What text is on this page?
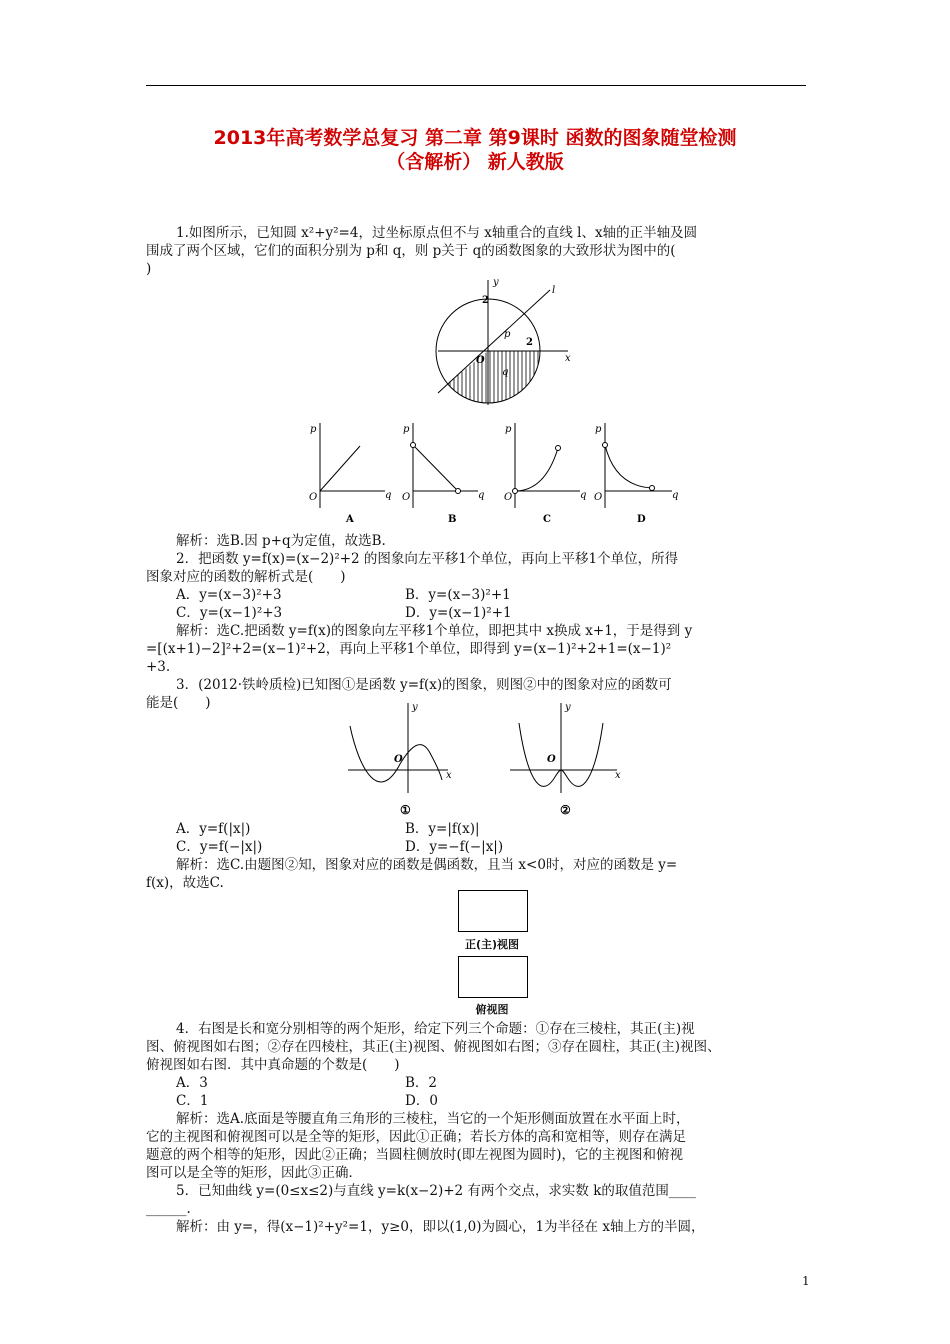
2013年高考数学总复习 第二章 第9课时 函数的图象随堂检测
（含解析） 新人教版
1.如图所示，已知圆 x²+y²=4，过坐标原点但不与 x轴重合的直线 l、x轴的正半轴及圆
围成了两个区域，它们的面积分别为 p和 q，则 p关于 q的函数图象的大致形状为图中的(
)
y
2
2
l
O	x
p
q
p
O	q
A
p
O	q
B
p
O	q
C
p
O	q
D
解析：选B.因 p+q为定值，故选B.
2．把函数 y=f(x)=(x−2)²+2 的图象向左平移1个单位，再向上平移1个单位，所得
图象对应的函数的解析式是(　　)
A．y=(x−3)²+3	B．y=(x−3)²+1
C．y=(x−1)²+3	D．y=(x−1)²+1
解析：选C.把函数 y=f(x)的图象向左平移1个单位，即把其中 x换成 x+1，于是得到 y
=[(x+1)−2]²+2=(x−1)²+2，再向上平移1个单位，即得到 y=(x−1)²+2+1=(x−1)²
+3.
3．(2012·铁岭质检)已知图①是函数 y=f(x)的图象，则图②中的图象对应的函数可
能是(　　)	y
O
x
①
y
O
x
②
A．y=f(|x|)	B．y=|f(x)|
C．y=f(−|x|)	D．y=−f(−|x|)
解析：选C.由题图②知，图象对应的函数是偶函数，且当 x<0时，对应的函数是 y=
f(x)，故选C.
正(主)视图
俯视图
4．右图是长和宽分别相等的两个矩形，给定下列三个命题：①存在三棱柱，其正(主)视
图、俯视图如右图；②存在四棱柱，其正(主)视图、俯视图如右图；③存在圆柱，其正(主)视图、
俯视图如右图．其中真命题的个数是(　　)
A．3	B．2
C．1	D．0
解析：选A.底面是等腰直角三角形的三棱柱，当它的一个矩形侧面放置在水平面上时，
它的主视图和俯视图可以是全等的矩形，因此①正确；若长方体的高和宽相等，则存在满足
题意的两个相等的矩形，因此②正确；当圆柱侧放时(即左视图为圆时)，它的主视图和俯视
图可以是全等的矩形，因此③正确．
5．已知曲线 y=(0≤x≤2)与直线 y=k(x−2)+2 有两个交点，求实数 k的取值范围____
______.
解析：由 y=，得(x−1)²+y²=1，y≥0，即以(1,0)为圆心，1为半径在 x轴上方的半圆，
1
